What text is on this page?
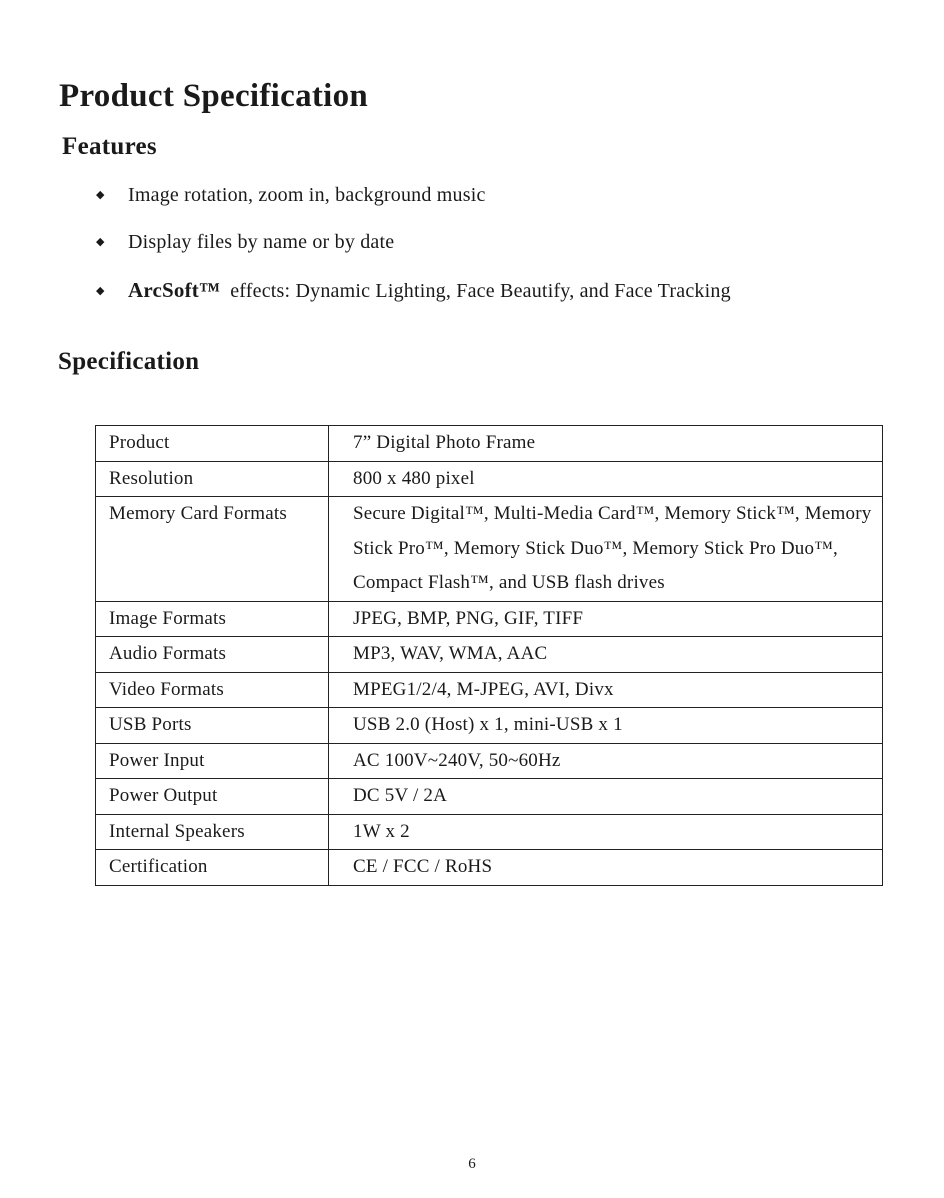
Product Specification
Features
◆ Image rotation, zoom in, background music
◆ Display files by name or by date
◆ ArcSoft™ effects: Dynamic Lighting, Face Beautify, and Face Tracking
Specification
Product	7” Digital Photo Frame
Resolution	800 x 480 pixel
Memory Card Formats	Secure Digital™, Multi-Media Card™, Memory Stick™, Memory Stick Pro™, Memory Stick Duo™, Memory Stick Pro Duo™, Compact Flash™, and USB flash drives
Image Formats	JPEG, BMP, PNG, GIF, TIFF
Audio Formats	MP3, WAV, WMA, AAC
Video Formats	MPEG1/2/4, M-JPEG, AVI, Divx
USB Ports	USB 2.0 (Host) x 1, mini-USB x 1
Power Input	AC 100V~240V, 50~60Hz
Power Output	DC 5V / 2A
Internal Speakers	1W x 2
Certification	CE / FCC / RoHS
6
